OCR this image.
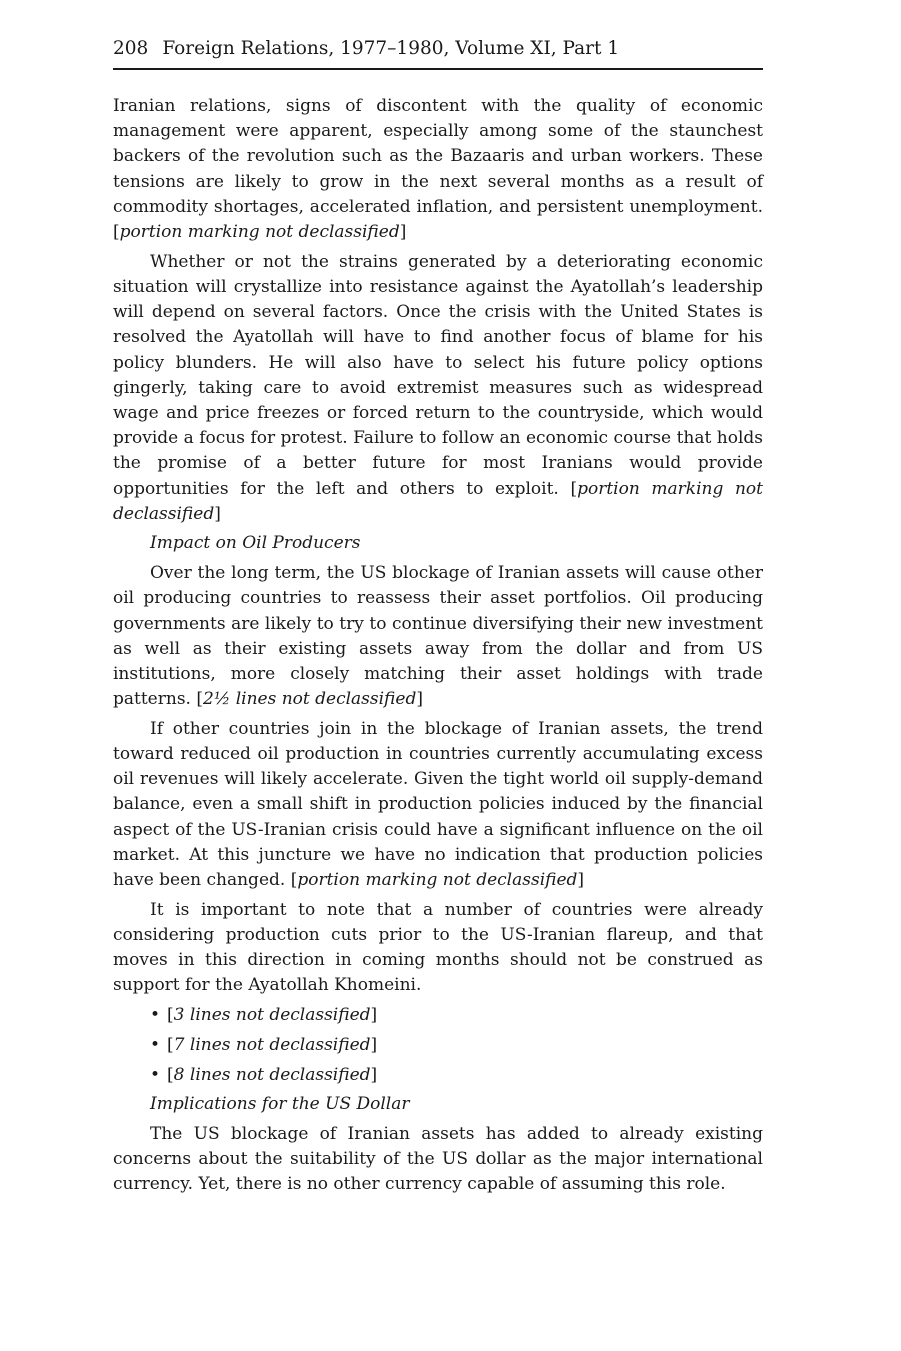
208 Foreign Relations, 1977–1980, Volume XI, Part 1

Iranian relations, signs of discontent with the quality of economic management were apparent, especially among some of the staunchest backers of the revolution such as the Bazaaris and urban workers. These tensions are likely to grow in the next several months as a result of commodity shortages, accelerated inflation, and persistent unemployment. [portion marking not declassified]

Whether or not the strains generated by a deteriorating economic situation will crystallize into resistance against the Ayatollah’s leadership will depend on several factors. Once the crisis with the United States is resolved the Ayatollah will have to find another focus of blame for his policy blunders. He will also have to select his future policy options gingerly, taking care to avoid extremist measures such as widespread wage and price freezes or forced return to the countryside, which would provide a focus for protest. Failure to follow an economic course that holds the promise of a better future for most Iranians would provide opportunities for the left and others to exploit. [portion marking not declassified]

Impact on Oil Producers

Over the long term, the US blockage of Iranian assets will cause other oil producing countries to reassess their asset portfolios. Oil producing governments are likely to try to continue diversifying their new investment as well as their existing assets away from the dollar and from US institutions, more closely matching their asset holdings with trade patterns. [2½ lines not declassified]

If other countries join in the blockage of Iranian assets, the trend toward reduced oil production in countries currently accumulating excess oil revenues will likely accelerate. Given the tight world oil supply-demand balance, even a small shift in production policies induced by the financial aspect of the US-Iranian crisis could have a significant influence on the oil market. At this juncture we have no indication that production policies have been changed. [portion marking not declassified]

It is important to note that a number of countries were already considering production cuts prior to the US-Iranian flareup, and that moves in this direction in coming months should not be construed as support for the Ayatollah Khomeini.

• [3 lines not declassified]
• [7 lines not declassified]
• [8 lines not declassified]
Implications for the US Dollar

The US blockage of Iranian assets has added to already existing concerns about the suitability of the US dollar as the major international currency. Yet, there is no other currency capable of assuming this role.
